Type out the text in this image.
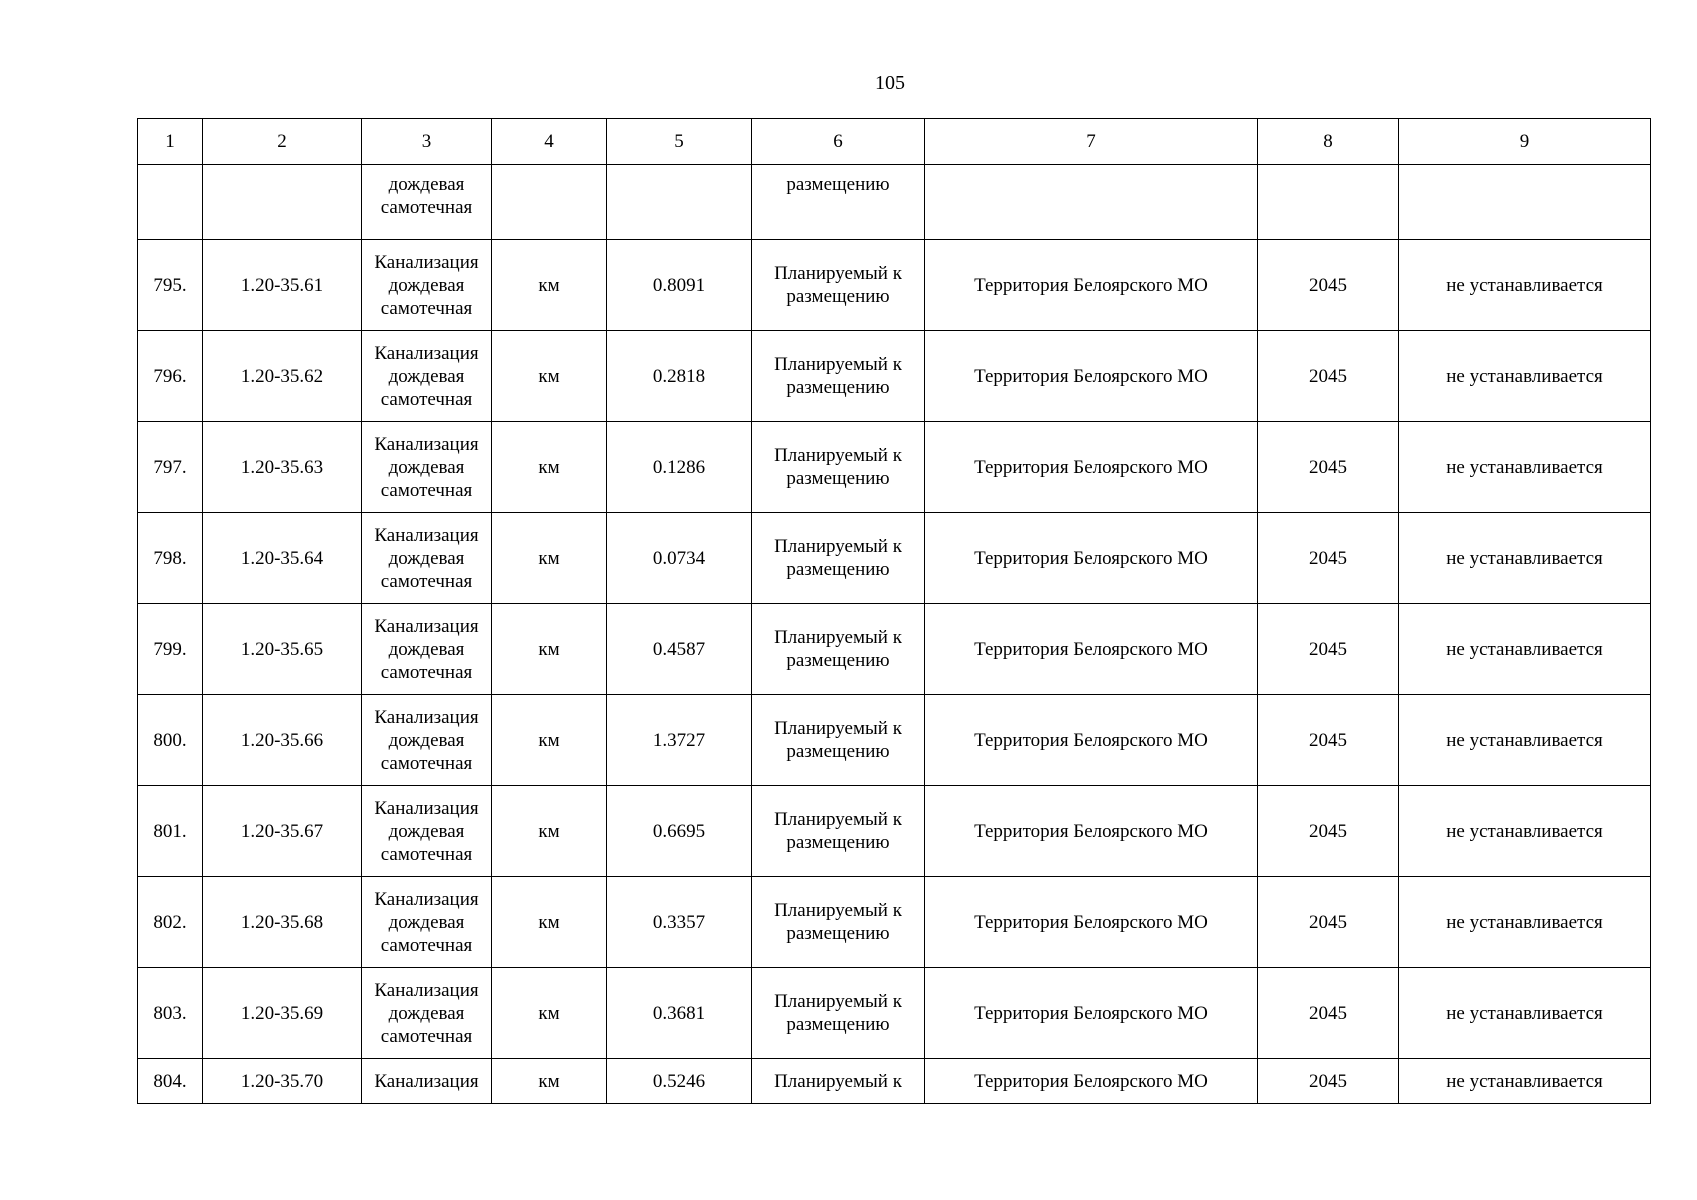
105
1	2	3	4	5	6	7	8	9
		дождевая самотечная			размещению			
795.	1.20-35.61	Канализация дождевая самотечная	км	0.8091	Планируемый к размещению	Территория Белоярского МО	2045	не устанавливается
796.	1.20-35.62	Канализация дождевая самотечная	км	0.2818	Планируемый к размещению	Территория Белоярского МО	2045	не устанавливается
797.	1.20-35.63	Канализация дождевая самотечная	км	0.1286	Планируемый к размещению	Территория Белоярского МО	2045	не устанавливается
798.	1.20-35.64	Канализация дождевая самотечная	км	0.0734	Планируемый к размещению	Территория Белоярского МО	2045	не устанавливается
799.	1.20-35.65	Канализация дождевая самотечная	км	0.4587	Планируемый к размещению	Территория Белоярского МО	2045	не устанавливается
800.	1.20-35.66	Канализация дождевая самотечная	км	1.3727	Планируемый к размещению	Территория Белоярского МО	2045	не устанавливается
801.	1.20-35.67	Канализация дождевая самотечная	км	0.6695	Планируемый к размещению	Территория Белоярского МО	2045	не устанавливается
802.	1.20-35.68	Канализация дождевая самотечная	км	0.3357	Планируемый к размещению	Территория Белоярского МО	2045	не устанавливается
803.	1.20-35.69	Канализация дождевая самотечная	км	0.3681	Планируемый к размещению	Территория Белоярского МО	2045	не устанавливается
804.	1.20-35.70	Канализация	км	0.5246	Планируемый к	Территория Белоярского МО	2045	не устанавливается
